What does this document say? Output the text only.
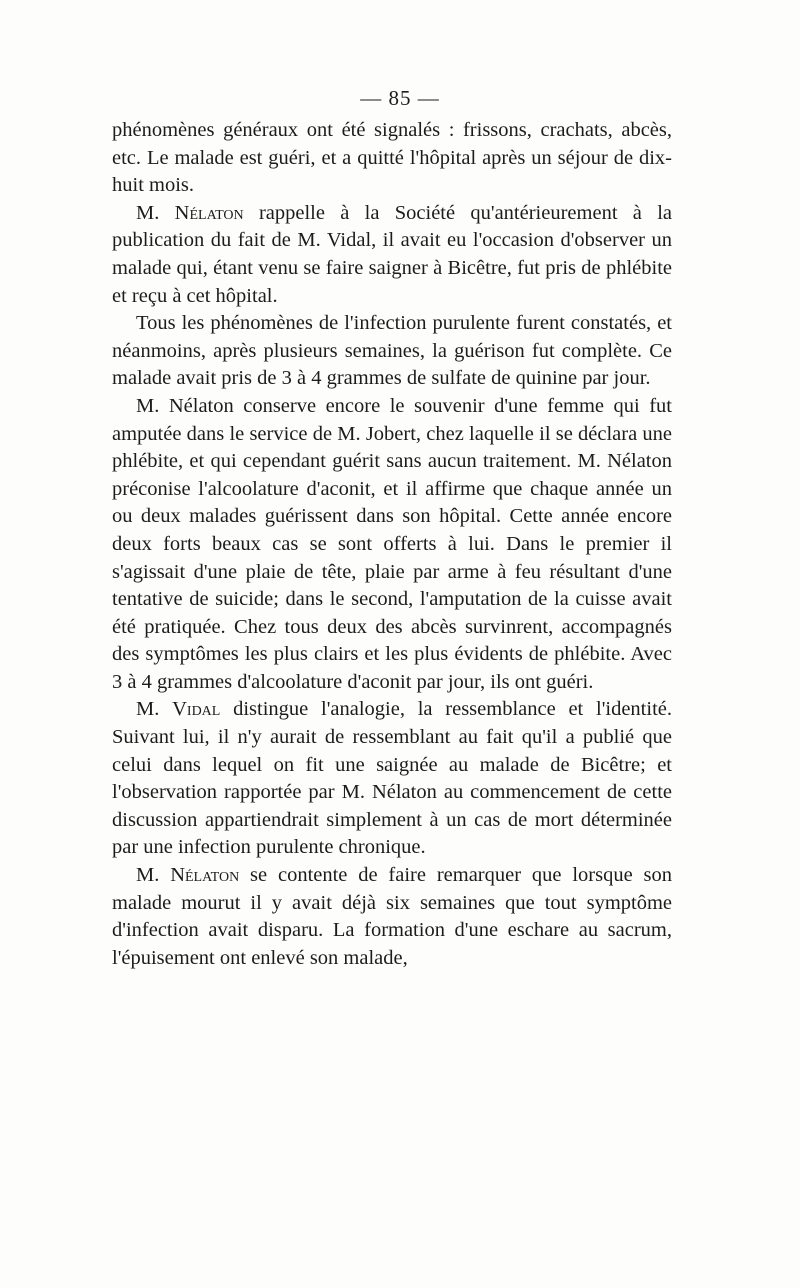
— 85 —

phénomènes généraux ont été signalés : frissons, crachats, abcès, etc. Le malade est guéri, et a quitté l'hôpital après un séjour de dix-huit mois.

M. Nélaton rappelle à la Société qu'antérieurement à la publication du fait de M. Vidal, il avait eu l'occasion d'observer un malade qui, étant venu se faire saigner à Bicêtre, fut pris de phlébite et reçu à cet hôpital.

Tous les phénomènes de l'infection purulente furent constatés, et néanmoins, après plusieurs semaines, la guérison fut complète. Ce malade avait pris de 3 à 4 grammes de sulfate de quinine par jour.

M. Nélaton conserve encore le souvenir d'une femme qui fut amputée dans le service de M. Jobert, chez laquelle il se déclara une phlébite, et qui cependant guérit sans aucun traitement. M. Nélaton préconise l'alcoolature d'aconit, et il affirme que chaque année un ou deux malades guérissent dans son hôpital. Cette année encore deux forts beaux cas se sont offerts à lui. Dans le premier il s'agissait d'une plaie de tête, plaie par arme à feu résultant d'une tentative de suicide; dans le second, l'amputation de la cuisse avait été pratiquée. Chez tous deux des abcès survinrent, accompagnés des symptômes les plus clairs et les plus évidents de phlébite. Avec 3 à 4 grammes d'alcoolature d'aconit par jour, ils ont guéri.

M. Vidal distingue l'analogie, la ressemblance et l'identité. Suivant lui, il n'y aurait de ressemblant au fait qu'il a publié que celui dans lequel on fit une saignée au malade de Bicêtre; et l'observation rapportée par M. Nélaton au commencement de cette discussion appartiendrait simplement à un cas de mort déterminée par une infection purulente chronique.

M. Nélaton se contente de faire remarquer que lorsque son malade mourut il y avait déjà six semaines que tout symptôme d'infection avait disparu. La formation d'une eschare au sacrum, l'épuisement ont enlevé son malade,
